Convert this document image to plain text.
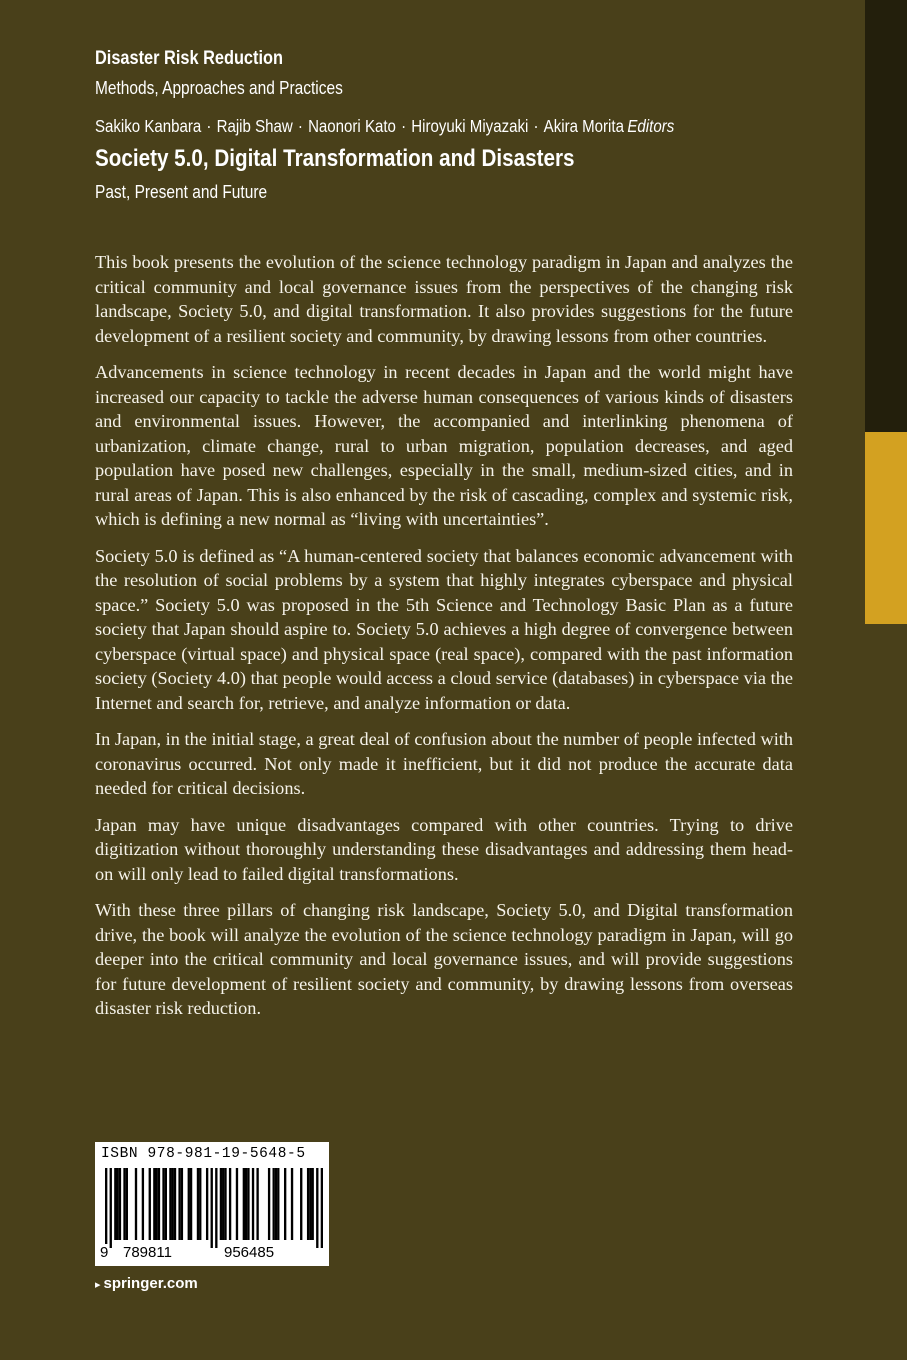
Disaster Risk Reduction
Methods, Approaches and Practices
Sakiko Kanbara · Rajib Shaw · Naonori Kato · Hiroyuki Miyazaki · Akira Morita Editors
Society 5.0, Digital Transformation and Disasters
Past, Present and Future

This book presents the evolution of the science technology paradigm in Japan and analyzes the critical community and local governance issues from the perspectives of the changing risk landscape, Society 5.0, and digital transformation. It also provides suggestions for the future development of a resilient society and community, by drawing lessons from other countries.

Advancements in science technology in recent decades in Japan and the world might have increased our capacity to tackle the adverse human consequences of various kinds of disasters and environmental issues. However, the accompanied and interlinking phenomena of urbanization, climate change, rural to urban migration, population decreases, and aged population have posed new challenges, especially in the small, medium-sized cities, and in rural areas of Japan. This is also enhanced by the risk of cascading, complex and systemic risk, which is defining a new normal as “living with uncertainties”.

Society 5.0 is defined as “A human-centered society that balances economic advancement with the resolution of social problems by a system that highly integrates cyberspace and physical space.” Society 5.0 was proposed in the 5th Science and Technology Basic Plan as a future society that Japan should aspire to. Society 5.0 achieves a high degree of convergence between cyberspace (virtual space) and physical space (real space), compared with the past information society (Society 4.0) that people would access a cloud service (databases) in cyberspace via the Internet and search for, retrieve, and analyze information or data.

In Japan, in the initial stage, a great deal of confusion about the number of people infected with coronavirus occurred. Not only made it inefficient, but it did not produce the accurate data needed for critical decisions.

Japan may have unique disadvantages compared with other countries. Trying to drive digitization without thoroughly understanding these disadvantages and addressing them head-on will only lead to failed digital transformations.

With these three pillars of changing risk landscape, Society 5.0, and Digital transformation drive, the book will analyze the evolution of the science technology paradigm in Japan, will go deeper into the critical community and local governance issues, and will provide suggestions for future development of resilient society and community, by drawing lessons from overseas disaster risk reduction.

ISBN 978-981-19-5648-5
9 789811	956485
▸ springer.com
